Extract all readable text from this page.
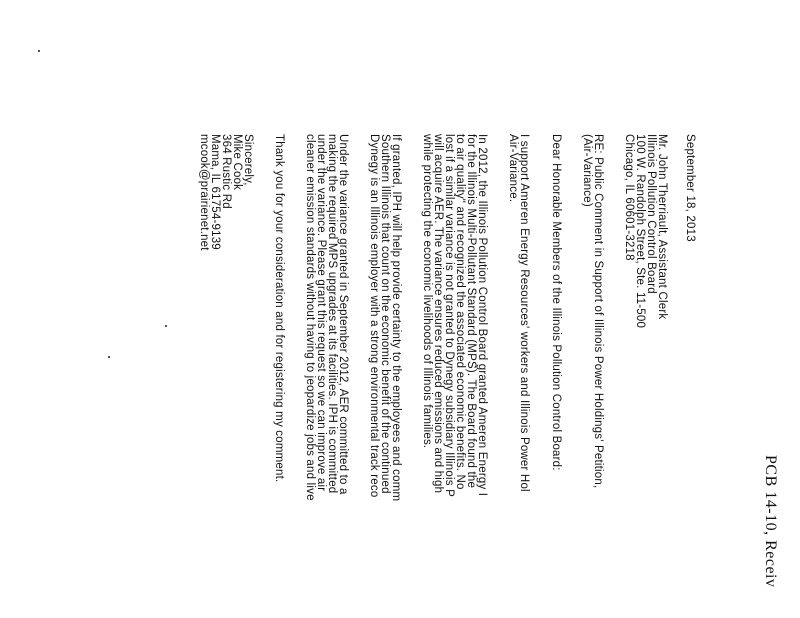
PCB 14-10, Receiv
September 18, 2013
Mr. John Therriault, Assistant Clerk
Illinois Pollution Control Board
100 W. Randolph Street, Ste. 11-500
Chicago, IL 60601-3218
RE: Public Comment in Support of Illinois Power Holdings' Petition,
(Air-Variance)
Dear Honorable Members of the Illinois Pollution Control Board:
I support Ameren Energy Resources' workers and Illinois Power Hol
Air-Variance.
In 2012, the Illinois Pollution Control Board granted Ameren Energy I
for the Illinois Multi-Pollutant Standard (MPS). The Board found the
to air quality" and recognized the associated economic benefits. No
lost if a similar variance is not granted to Dynegy subsidiary Illinois P
will acquire AER. The variance ensures reduced emissions and high
while protecting the economic livelihoods of Illinois families.
If granted, IPH will help provide certainty to the employees and comm
Southern Illinois that count on the economic benefit of the continued
Dynegy is an Illinois employer with a strong environmental track reco
Under the variance granted in September 2012, AER committed to a
making the required MPS upgrades at its facilities. IPH is committed
under the variance. Please grant this request so we can improve air
cleaner emission standards without having to jeopardize jobs and live
Thank you for your consideration and for registering my comment.
Sincerely,
Mike Cook
364 Rustic Rd
Mama, IL 61754-9139
mcook@prairienet.net
